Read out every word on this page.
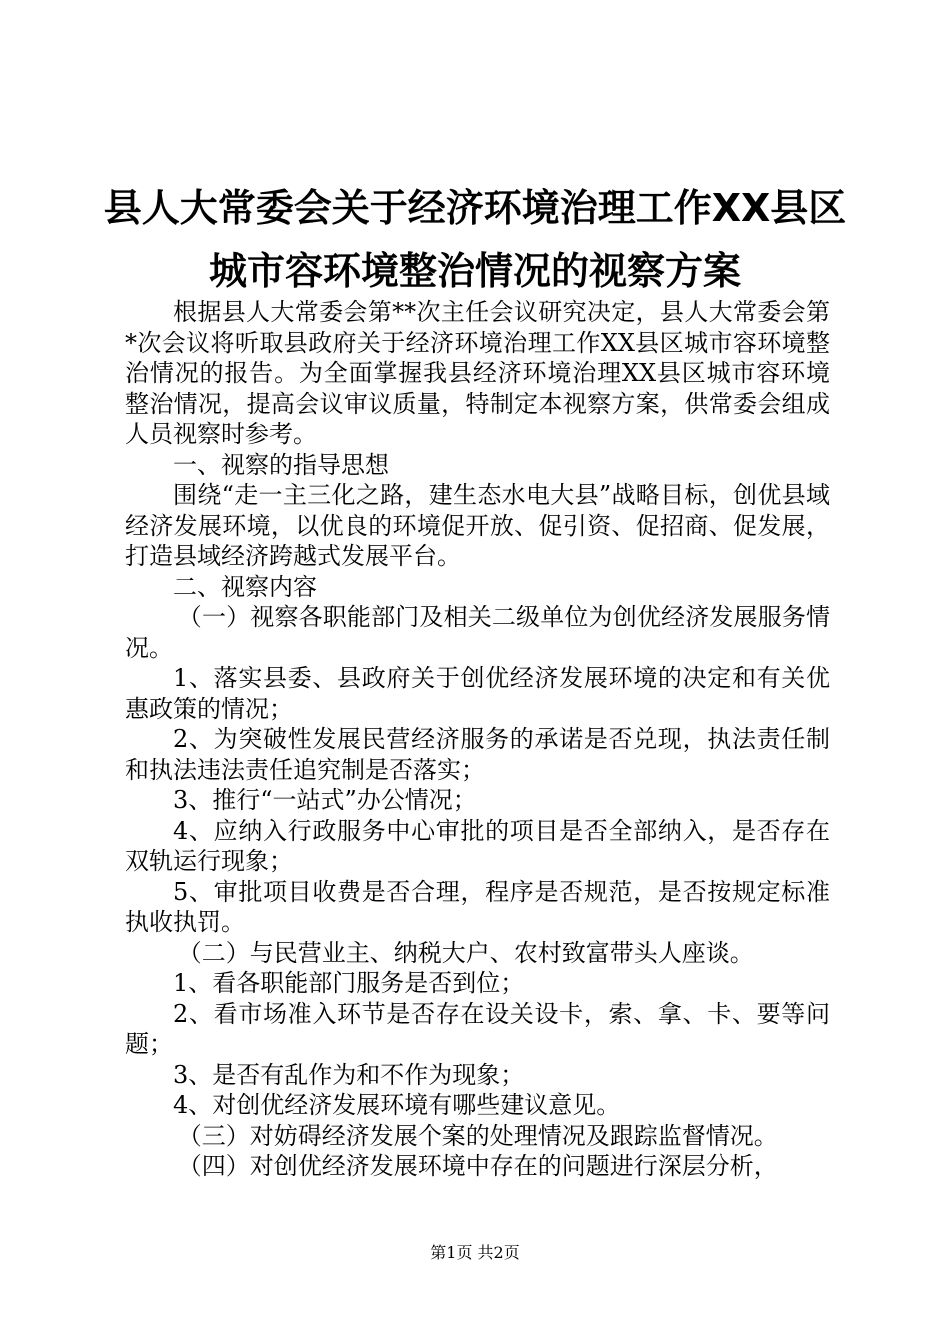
县人大常委会关于经济环境治理工作XX县区
城市容环境整治情况的视察方案

根据县人大常委会第**次主任会议研究决定，县人大常委会第*次会议将听取县政府关于经济环境治理工作XX县区城市容环境整治情况的报告。为全面掌握我县经济环境治理XX县区城市容环境整治情况，提高会议审议质量，特制定本视察方案，供常委会组成人员视察时参考。

一、视察的指导思想

围绕“走一主三化之路，建生态水电大县”战略目标，创优县域经济发展环境，以优良的环境促开放、促引资、促招商、促发展，打造县域经济跨越式发展平台。

二、视察内容

（一）视察各职能部门及相关二级单位为创优经济发展服务情况。

1、落实县委、县政府关于创优经济发展环境的决定和有关优惠政策的情况；

2、为突破性发展民营经济服务的承诺是否兑现，执法责任制和执法违法责任追究制是否落实；

3、推行“一站式”办公情况；

4、应纳入行政服务中心审批的项目是否全部纳入，是否存在双轨运行现象；

5、审批项目收费是否合理，程序是否规范，是否按规定标准执收执罚。

（二）与民营业主、纳税大户、农村致富带头人座谈。

1、看各职能部门服务是否到位；

2、看市场准入环节是否存在设关设卡，索、拿、卡、要等问题；

3、是否有乱作为和不作为现象；

4、对创优经济发展环境有哪些建议意见。

（三）对妨碍经济发展个案的处理情况及跟踪监督情况。

（四）对创优经济发展环境中存在的问题进行深层分析，

第1页 共2页
